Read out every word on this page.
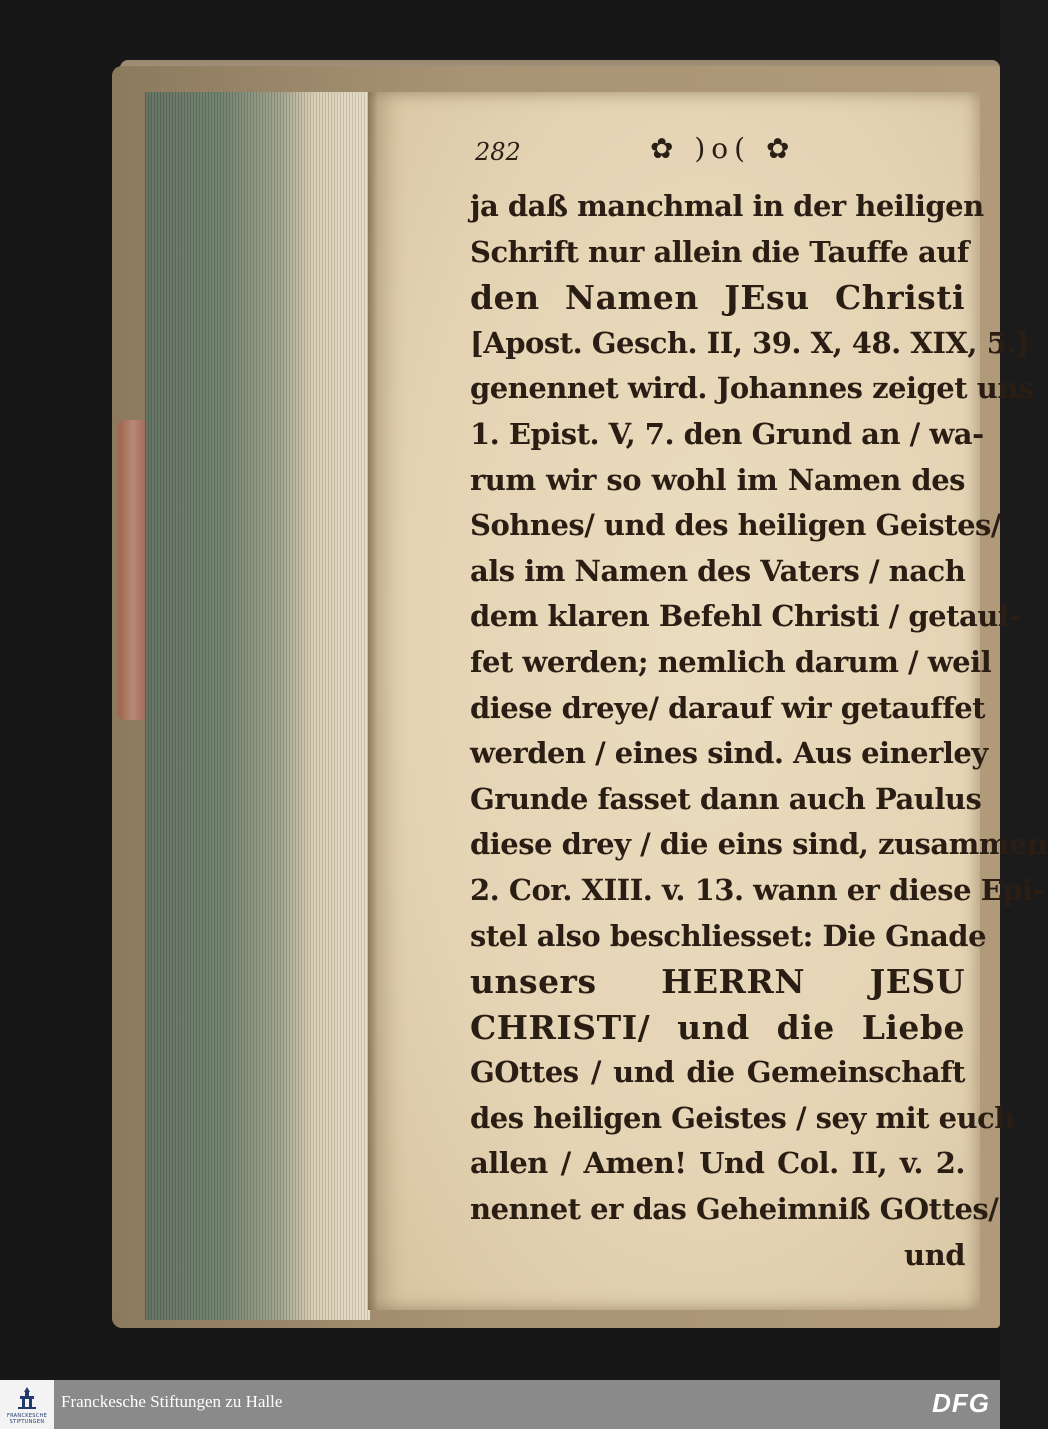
282	✿ )o( ✿
ja daß manchmal in der heiligen
Schrift nur allein die Tauffe auf
den Namen JEsu Christi
[Apost. Gesch. II, 39. X, 48. XIX, 5.]
genennet wird. Johannes zeiget uns
1. Epist. V, 7. den Grund an / wa-
rum wir so wohl im Namen des
Sohnes/ und des heiligen Geistes/
als im Namen des Vaters / nach
dem klaren Befehl Christi / getauf-
fet werden; nemlich darum / weil
diese dreye/ darauf wir getauffet
werden / eines sind. Aus einerley
Grunde fasset dann auch Paulus
diese drey / die eins sind, zusammen
2. Cor. XIII. v. 13. wann er diese Epi-
stel also beschliesset: Die Gnade
unsers HERRN JESU
CHRISTI/ und die Liebe
GOttes / und die Gemeinschaft
des heiligen Geistes / sey mit euch
allen / Amen! Und Col. II, v. 2.
nennet er das Geheimniß GOttes/
und
FRANCKESCHE
STIFTUNGEN
Franckesche Stiftungen zu Halle	DFG
